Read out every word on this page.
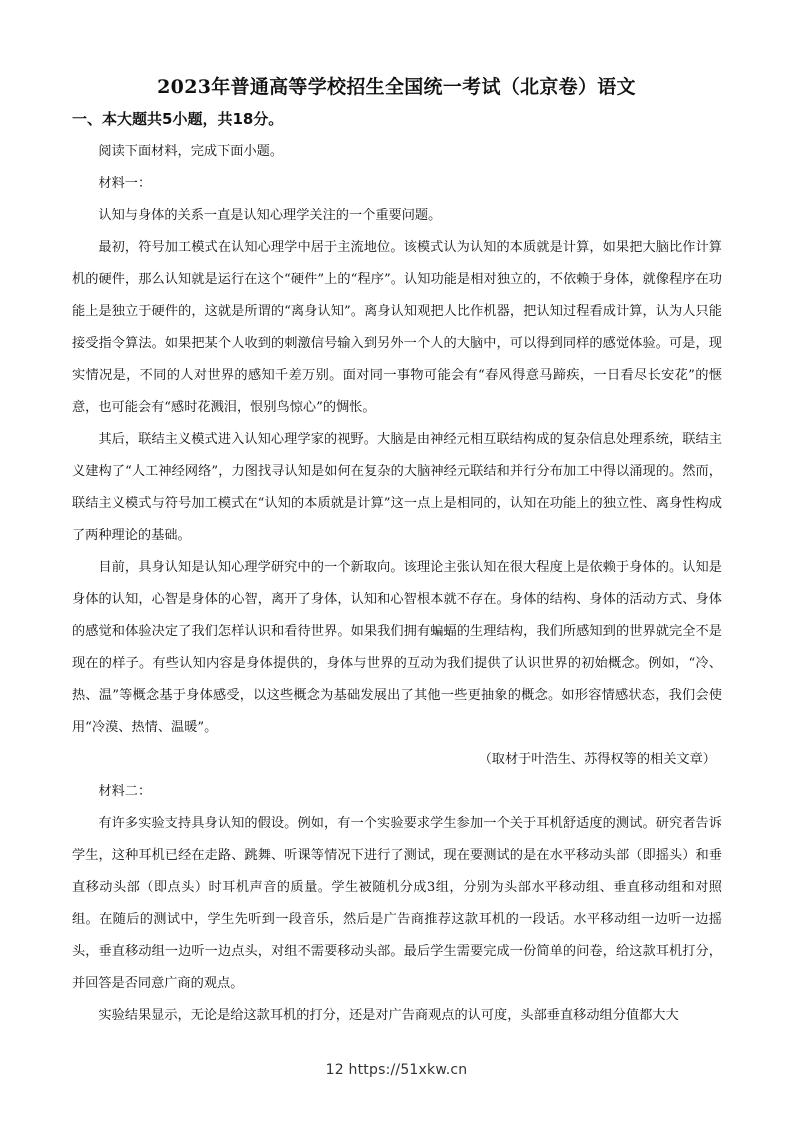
2023年普通高等学校招生全国统一考试（北京卷）语文
一、本大题共5小题，共18分。

阅读下面材料，完成下面小题。

材料一：

认知与身体的关系一直是认知心理学关注的一个重要问题。

最初，符号加工模式在认知心理学中居于主流地位。该模式认为认知的本质就是计算，如果把大脑比作计算机的硬件，那么认知就是运行在这个“硬件”上的“程序”。认知功能是相对独立的，不依赖于身体，就像程序在功能上是独立于硬件的，这就是所谓的“离身认知”。离身认知观把人比作机器，把认知过程看成计算，认为人只能接受指令算法。如果把某个人收到的刺激信号输入到另外一个人的大脑中，可以得到同样的感觉体验。可是，现实情况是，不同的人对世界的感知千差万别。面对同一事物可能会有“春风得意马蹄疾，一日看尽长安花”的惬意，也可能会有“感时花溅泪，恨别鸟惊心”的惆怅。

其后，联结主义模式进入认知心理学家的视野。大脑是由神经元相互联结构成的复杂信息处理系统，联结主义建构了“人工神经网络”，力图找寻认知是如何在复杂的大脑神经元联结和并行分布加工中得以涌现的。然而，联结主义模式与符号加工模式在“认知的本质就是计算”这一点上是相同的，认知在功能上的独立性、离身性构成了两种理论的基础。

目前，具身认知是认知心理学研究中的一个新取向。该理论主张认知在很大程度上是依赖于身体的。认知是身体的认知，心智是身体的心智，离开了身体，认知和心智根本就不存在。身体的结构、身体的活动方式、身体的感觉和体验决定了我们怎样认识和看待世界。如果我们拥有蝙蝠的生理结构，我们所感知到的世界就完全不是现在的样子。有些认知内容是身体提供的，身体与世界的互动为我们提供了认识世界的初始概念。例如，“冷、热、温”等概念基于身体感受，以这些概念为基础发展出了其他一些更抽象的概念。如形容情感状态，我们会使用“冷漠、热情、温暖”。

（取材于叶浩生、苏得权等的相关文章）

材料二：

有许多实验支持具身认知的假设。例如，有一个实验要求学生参加一个关于耳机舒适度的测试。研究者告诉学生，这种耳机已经在走路、跳舞、听课等情况下进行了测试，现在要测试的是在水平移动头部（即摇头）和垂直移动头部（即点头）时耳机声音的质量。学生被随机分成3组，分别为头部水平移动组、垂直移动组和对照组。在随后的测试中，学生先听到一段音乐，然后是广告商推荐这款耳机的一段话。水平移动组一边听一边摇头，垂直移动组一边听一边点头，对组不需要移动头部。最后学生需要完成一份简单的问卷，给这款耳机打分，并回答是否同意广商的观点。

实验结果显示，无论是给这款耳机的打分，还是对广告商观点的认可度，头部垂直移动组分值都大大

12 https://51xkw.cn
